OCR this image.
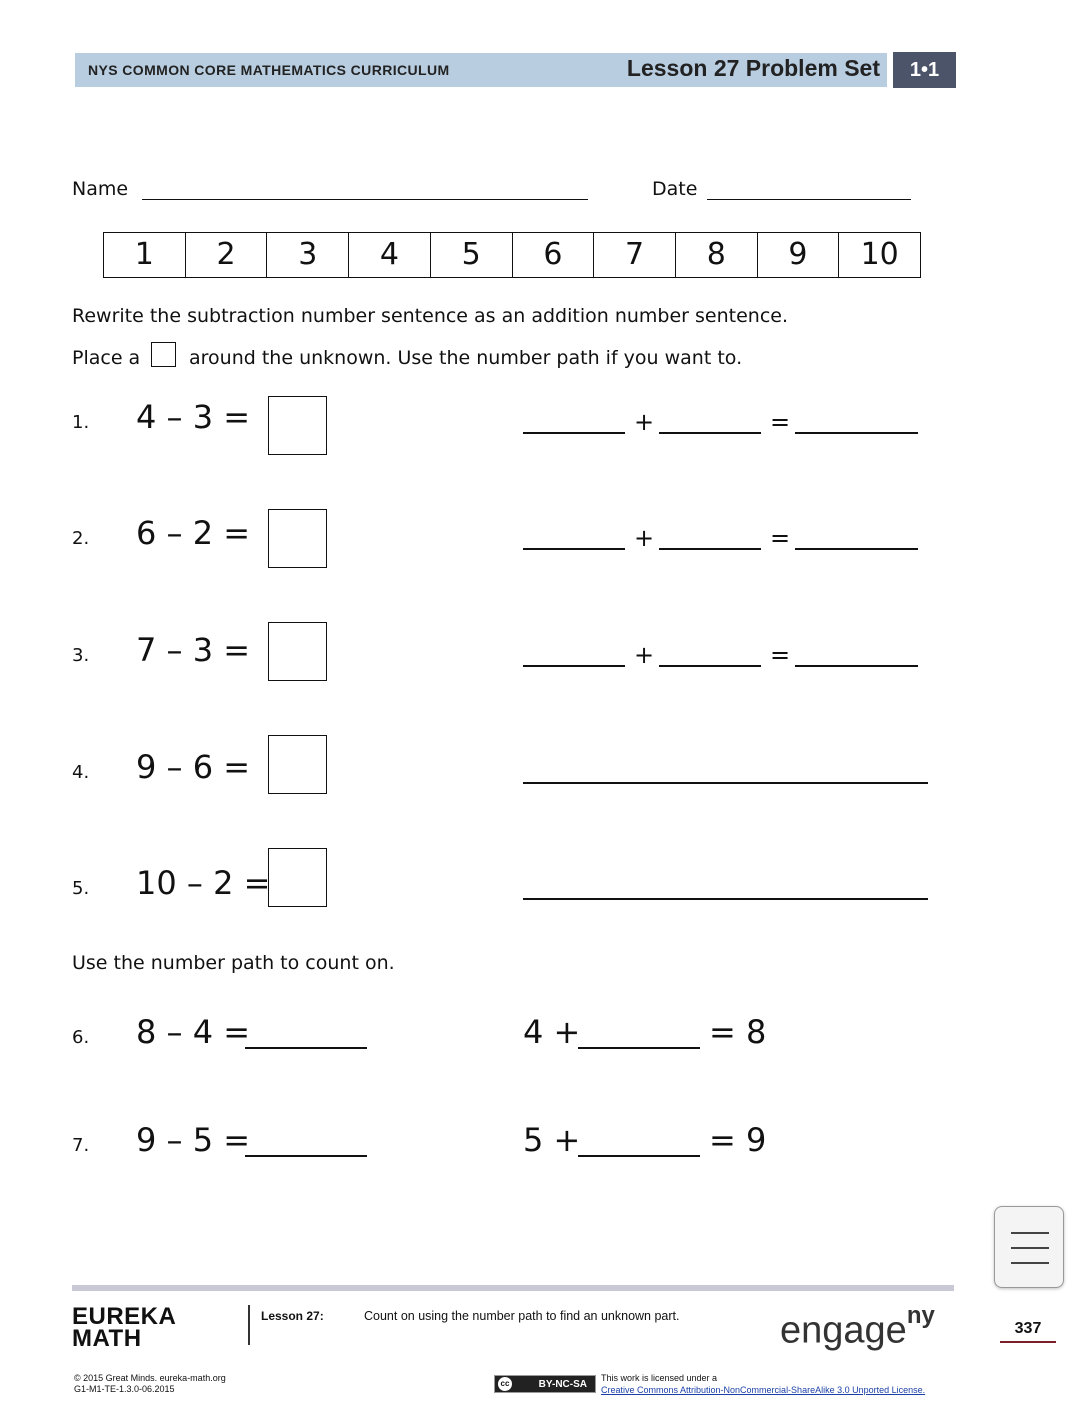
NYS COMMON CORE MATHEMATICS CURRICULUM	Lesson 27 Problem Set	1•1
Name	Date
1	2	3	4	5	6	7	8	9	10
Rewrite the subtraction number sentence as an addition number sentence.
Place a	around the unknown. Use the number path if you want to.
1. 4 – 3 =	+	=
2. 6 – 2 =	+	=
3. 7 – 3 =	+	=
4. 9 – 6 =
5. 10 – 2 =
Use the number path to count on.
6. 8 – 4 =	4 +	= 8
7. 9 – 5 =	5 +	= 9
EUREKA
MATH
Lesson 27:	Count on using the number path to find an unknown part.	engage$^{ny}$	337
© 2015 Great Minds. eureka-math.org
G1-M1-TE-1.3.0-06.2015	BY-NC-SA
cc
This work is licensed under a
Creative Commons Attribution-NonCommercial-ShareAlike 3.0 Unported License.
